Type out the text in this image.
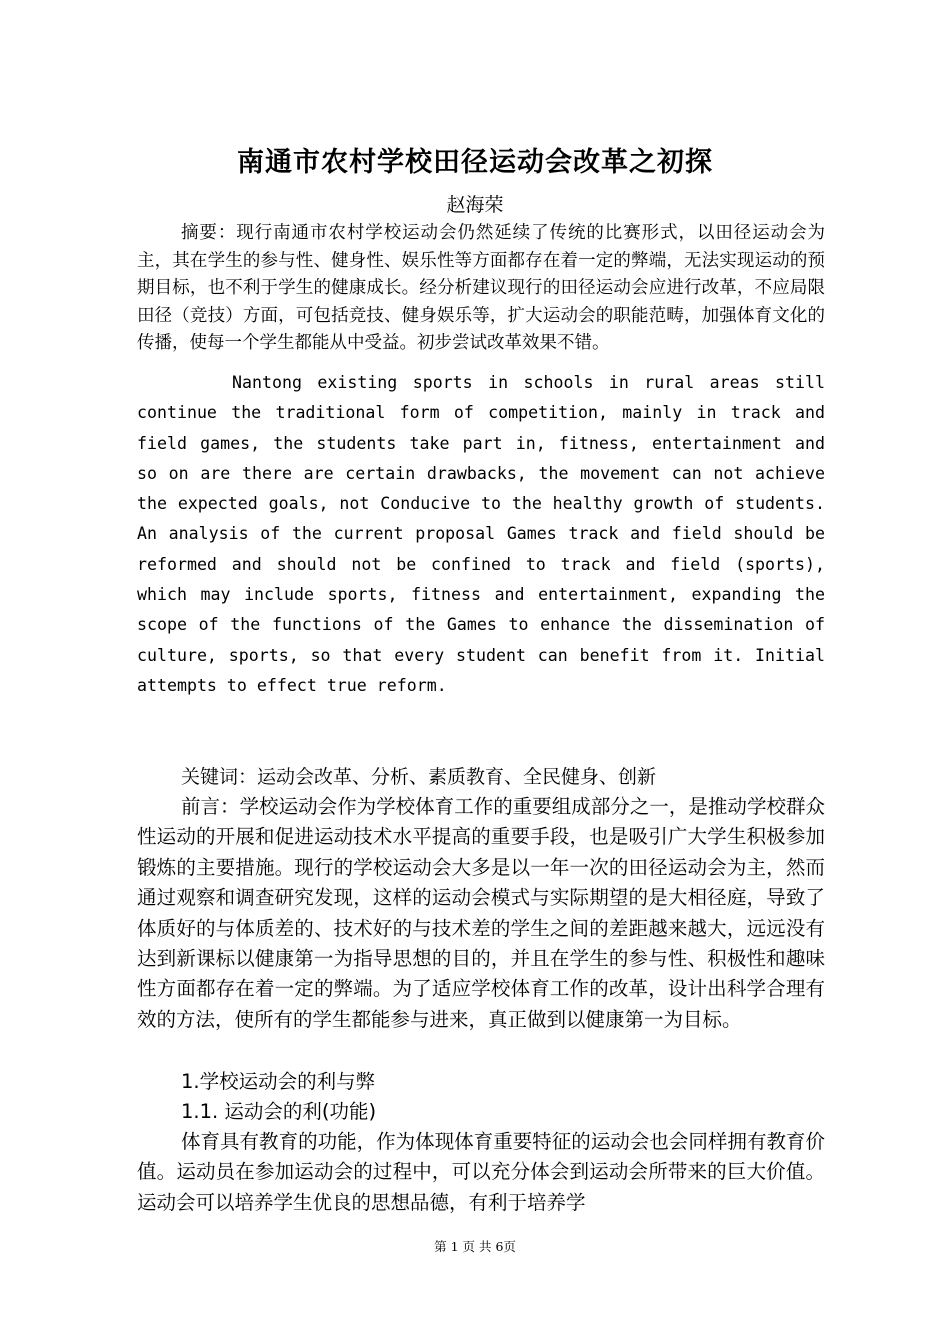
南通市农村学校田径运动会改革之初探

赵海荣

摘要：现行南通市农村学校运动会仍然延续了传统的比赛形式，以田径运动会为主，其在学生的参与性、健身性、娱乐性等方面都存在着一定的弊端，无法实现运动的预期目标，也不利于学生的健康成长。经分析建议现行的田径运动会应进行改革，不应局限田径（竞技）方面，可包括竞技、健身娱乐等，扩大运动会的职能范畴，加强体育文化的传播，使每一个学生都能从中受益。初步尝试改革效果不错。

Nantong existing sports in schools in rural areas still continue the traditional form of competition, mainly in track and field games, the students take part in, fitness, entertainment and so on are there are certain drawbacks, the movement can not achieve the expected goals, not Conducive to the healthy growth of students. An analysis of the current proposal Games track and field should be reformed and should not be confined to track and field (sports), which may include sports, fitness and entertainment, expanding the scope of the functions of the Games to enhance the dissemination of culture, sports, so that every student can benefit from it. Initial attempts to effect true reform.

关键词：运动会改革、分析、素质教育、全民健身、创新

前言：学校运动会作为学校体育工作的重要组成部分之一，是推动学校群众性运动的开展和促进运动技术水平提高的重要手段，也是吸引广大学生积极参加锻炼的主要措施。现行的学校运动会大多是以一年一次的田径运动会为主，然而通过观察和调查研究发现，这样的运动会模式与实际期望的是大相径庭，导致了体质好的与体质差的、技术好的与技术差的学生之间的差距越来越大，远远没有达到新课标以健康第一为指导思想的目的，并且在学生的参与性、积极性和趣味性方面都存在着一定的弊端。为了适应学校体育工作的改革，设计出科学合理有效的方法，使所有的学生都能参与进来，真正做到以健康第一为目标。

1.学校运动会的利与弊

1.1. 运动会的利(功能)

体育具有教育的功能，作为体现体育重要特征的运动会也会同样拥有教育价值。运动员在参加运动会的过程中，可以充分体会到运动会所带来的巨大价值。运动会可以培养学生优良的思想品德，有利于培养学

第 1 页 共 6页
